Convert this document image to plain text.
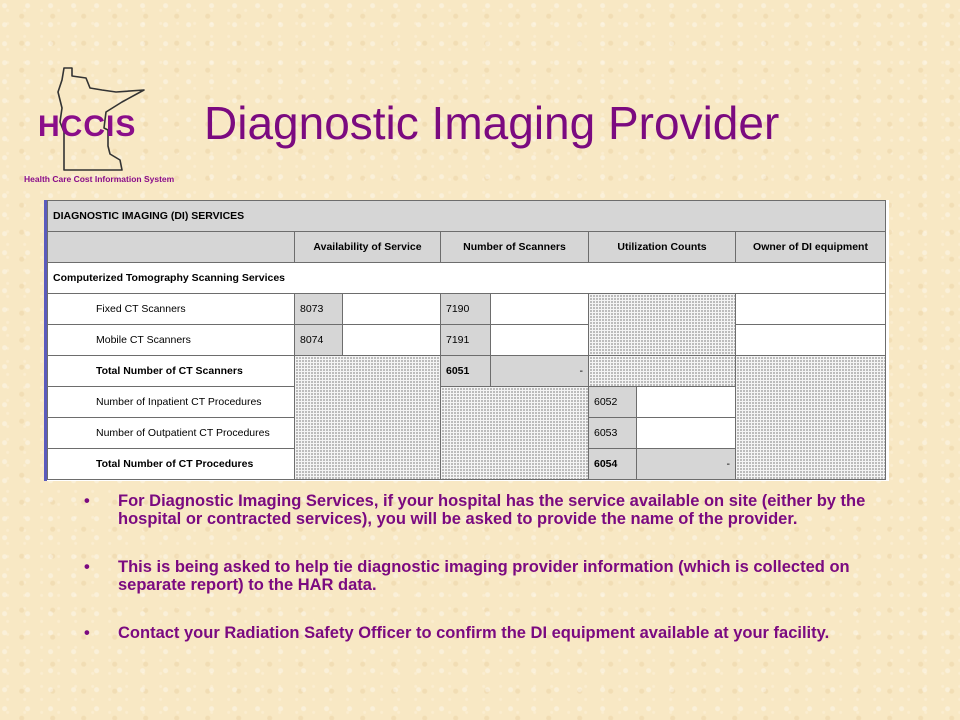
HCCIS
Health Care Cost Information System
Diagnostic Imaging Provider
DIAGNOSTIC IMAGING (DI) SERVICES							
	Availability of Service		Number of Scanners		Utilization Counts		Owner of DI equipment
Computerized Tomography Scanning Services							
Fixed CT Scanners	8073		7190				
Mobile CT Scanners	8074		7191				
Total Number of CT Scanners			6051	-			
Number of Inpatient CT Procedures					6052		
Number of Outpatient CT Procedures					6053		
Total Number of CT Procedures					6054	-	
• For Diagnostic Imaging Services, if your hospital has the service available on site (either by the hospital or contracted services), you will be asked to provide the name of the provider.
• This is being asked to help tie diagnostic imaging provider information (which is collected on separate report) to the HAR data.
• Contact your Radiation Safety Officer to confirm the DI equipment available at your facility.
